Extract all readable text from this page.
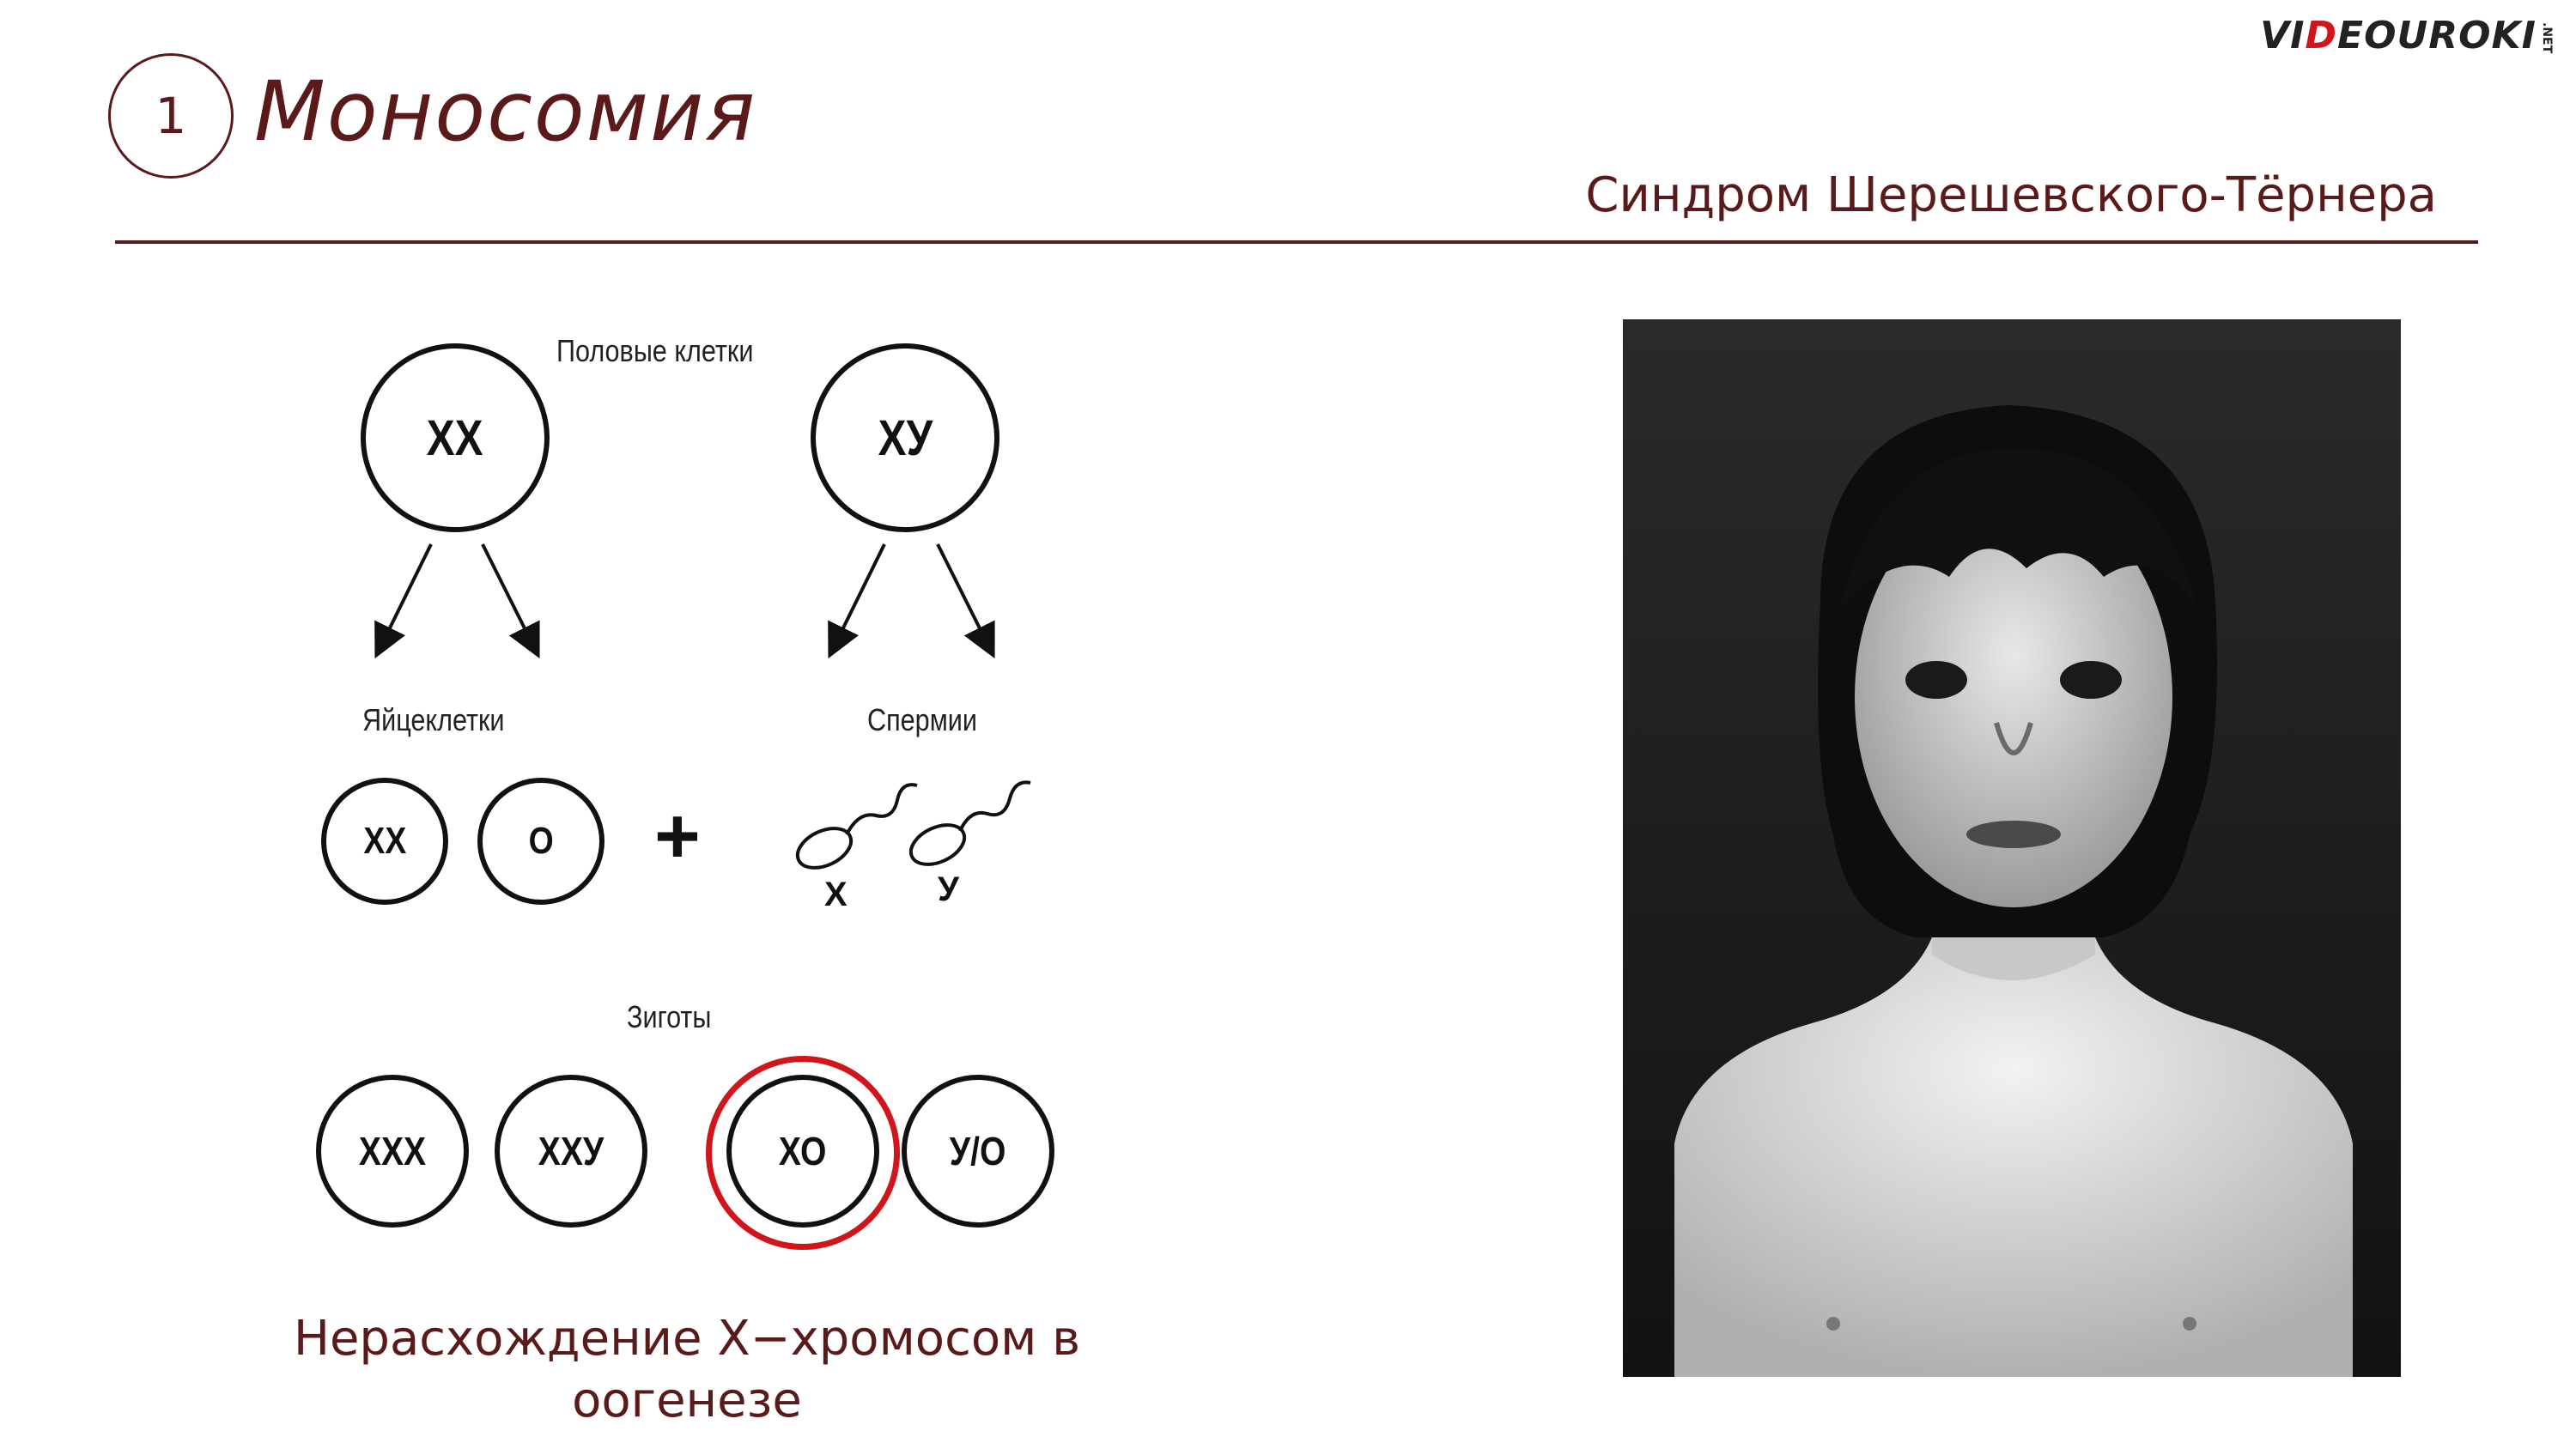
1 Моносомия
Синдром Шерешевского-Тёрнера
VIDEOUROKI .NET
Половые клетки
Яйцеклетки	Спермии
Зиготы
ХХ	ХУ
ХХ	О +
Х	У
ХХХ	ХХУ	ХО	У/О
Нерасхождение Х−хромосом в оогенезе
